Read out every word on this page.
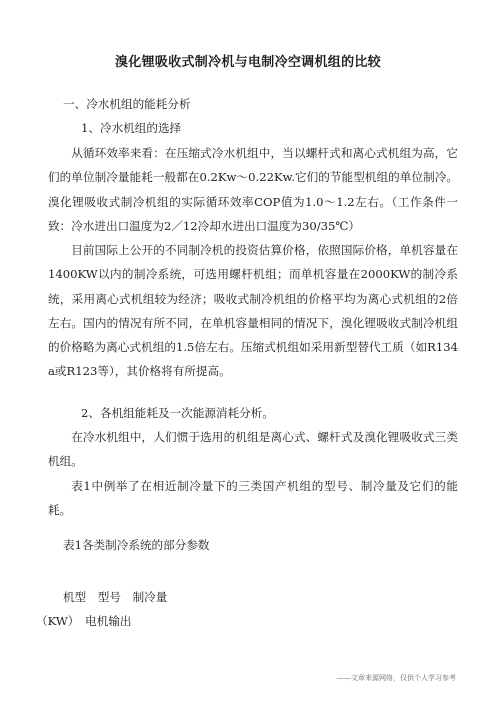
溴化锂吸收式制冷机与电制冷空调机组的比较
一、冷水机组的能耗分析
1、冷水机组的选择
从循环效率来看：在压缩式冷水机组中，当以螺杆式和离心式机组为高，它们的单位制冷量能耗一般都在0.2Kw～0.22Kw.它们的节能型机组的单位制冷。溴化锂吸收式制冷机组的实际循环效率COP值为1.0～1.2左右。（工作条件一致：冷水进出口温度为2／12冷却水进出口温度为30/35℃）
目前国际上公开的不同制冷机的投资估算价格，依照国际价格，单机容量在1400KW以内的制冷系统，可选用螺杆机组；而单机容量在2000KW的制冷系统，采用离心式机组较为经济；吸收式制冷机组的价格平均为离心式机组的2倍左右。国内的情况有所不同，在单机容量相同的情况下，溴化锂吸收式制冷机组的价格略为离心式机组的1.5倍左右。压缩式机组如采用新型替代工质（如R134a或R123等），其价格将有所提高。
2、各机组能耗及一次能源消耗分析。
在冷水机组中，人们惯于选用的机组是离心式、螺杆式及溴化锂吸收式三类机组。
表1中例举了在相近制冷量下的三类国产机组的型号、制冷量及它们的能耗。
表1各类制冷系统的部分参数
机型　型号　制冷量
（KW）　电机输出
——文章来源网络，仅供个人学习参考
